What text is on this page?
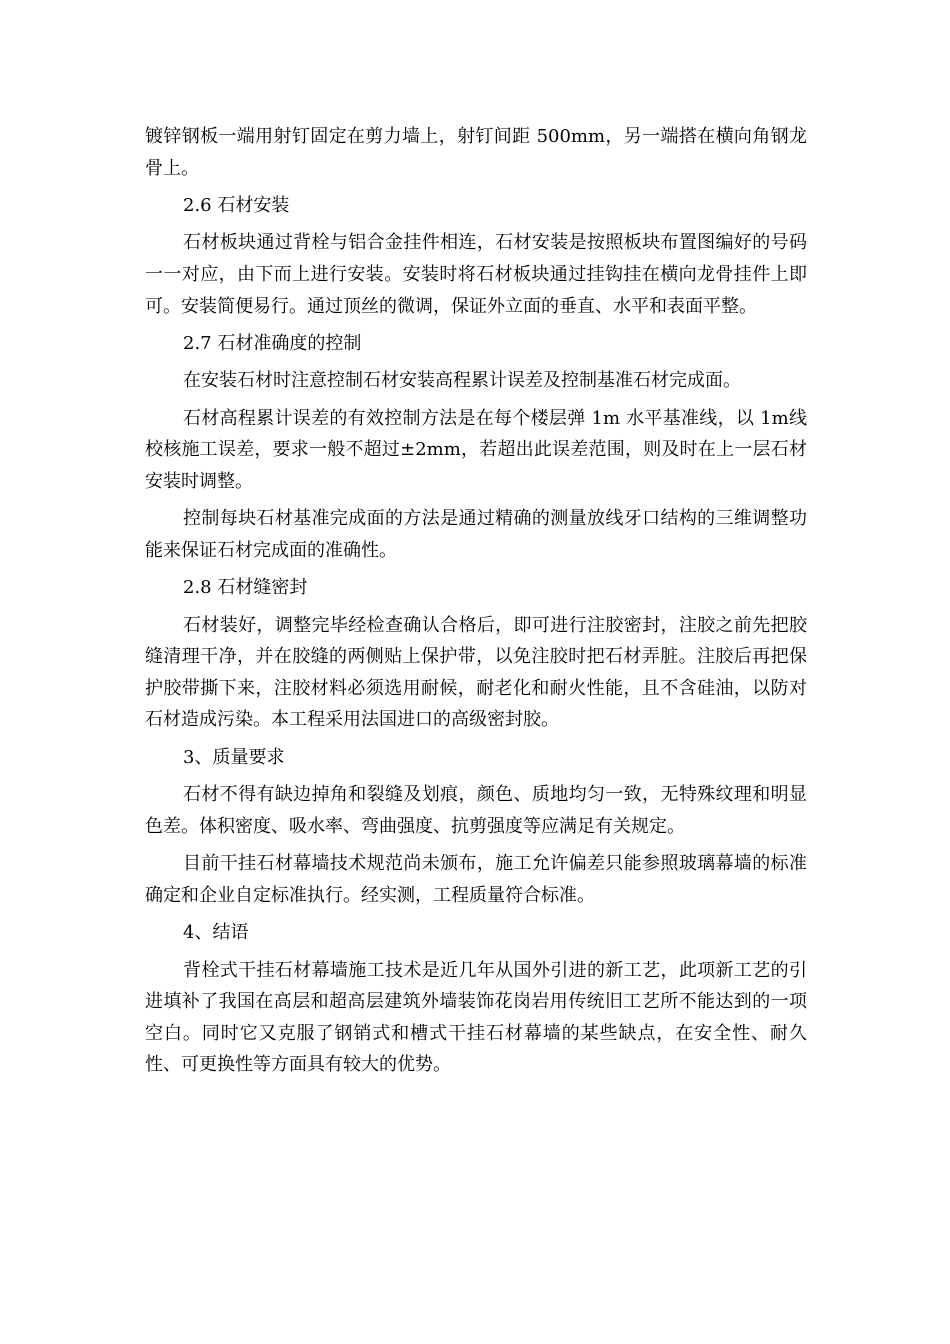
镀锌钢板一端用射钉固定在剪力墙上，射钉间距 500mm，另一端搭在横向角钢龙骨上。

2.6 石材安装

石材板块通过背栓与铝合金挂件相连，石材安装是按照板块布置图编好的号码一一对应，由下而上进行安装。安装时将石材板块通过挂钩挂在横向龙骨挂件上即可。安装简便易行。通过顶丝的微调，保证外立面的垂直、水平和表面平整。

2.7 石材准确度的控制

在安装石材时注意控制石材安装高程累计误差及控制基准石材完成面。

石材高程累计误差的有效控制方法是在每个楼层弹 1m 水平基准线，以 1m线校核施工误差，要求一般不超过±2mm，若超出此误差范围，则及时在上一层石材安装时调整。

控制每块石材基准完成面的方法是通过精确的测量放线牙口结构的三维调整功能来保证石材完成面的准确性。

2.8 石材缝密封

石材装好，调整完毕经检查确认合格后，即可进行注胶密封，注胶之前先把胶缝清理干净，并在胶缝的两侧贴上保护带，以免注胶时把石材弄脏。注胶后再把保护胶带撕下来，注胶材料必须选用耐候，耐老化和耐火性能，且不含硅油，以防对石材造成污染。本工程采用法国进口的高级密封胶。

3、质量要求

石材不得有缺边掉角和裂缝及划痕，颜色、质地均匀一致，无特殊纹理和明显色差。体积密度、吸水率、弯曲强度、抗剪强度等应满足有关规定。

目前干挂石材幕墙技术规范尚未颁布，施工允许偏差只能参照玻璃幕墙的标准确定和企业自定标准执行。经实测，工程质量符合标准。

4、结语

背栓式干挂石材幕墙施工技术是近几年从国外引进的新工艺，此项新工艺的引进填补了我国在高层和超高层建筑外墙装饰花岗岩用传统旧工艺所不能达到的一项空白。同时它又克服了钢销式和槽式干挂石材幕墙的某些缺点，在安全性、耐久性、可更换性等方面具有较大的优势。
